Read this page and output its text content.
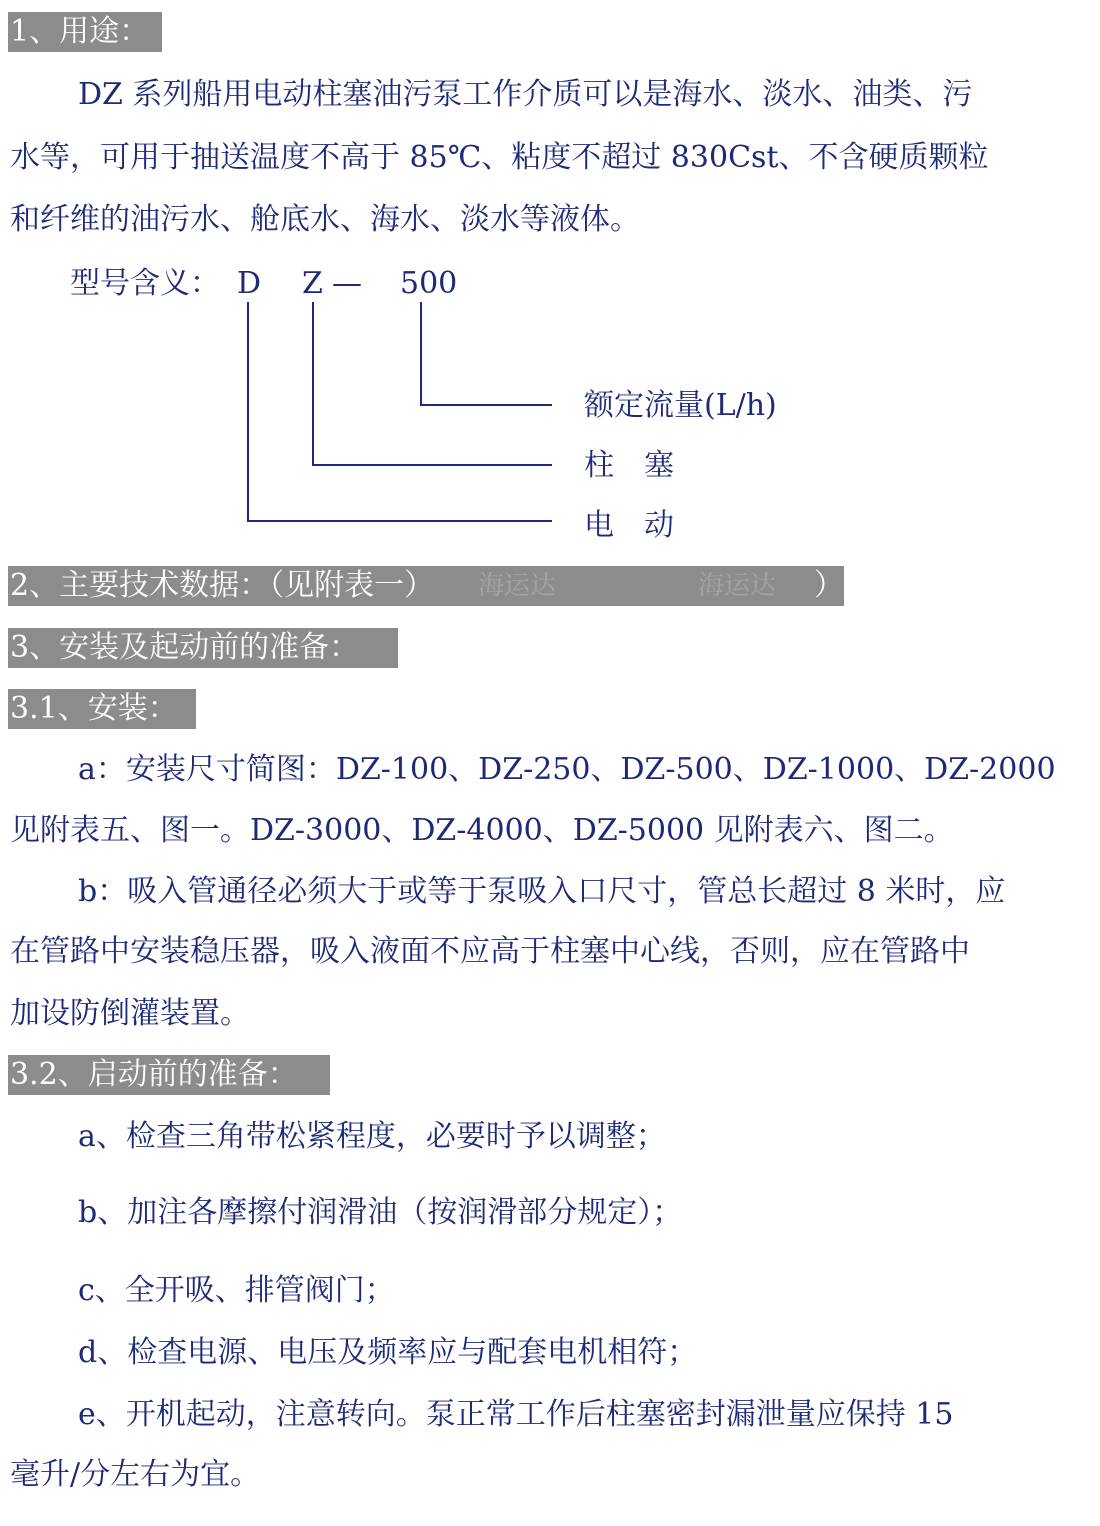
1、用途：
DZ 系列船用电动柱塞油污泵工作介质可以是海水、淡水、油类、污
水等，可用于抽送温度不高于 85℃、粘度不超过 830Cst、不含硬质颗粒
和纤维的油污水、舱底水、海水、淡水等液体。
型号含义： D Z — 500
额定流量(L/h)
柱　塞
电　动
2、主要技术数据：（见附表一） 海运达	海运达 ）
3、安装及起动前的准备：
3.1、安装：
a：安装尺寸简图：DZ-100、DZ-250、DZ-500、DZ-1000、DZ-2000
见附表五、图一。DZ-3000、DZ-4000、DZ-5000 见附表六、图二。
b：吸入管通径必须大于或等于泵吸入口尺寸，管总长超过 8 米时，应
在管路中安装稳压器，吸入液面不应高于柱塞中心线，否则，应在管路中
加设防倒灌装置。
3.2、启动前的准备：
a、检查三角带松紧程度，必要时予以调整；
b、加注各摩擦付润滑油（按润滑部分规定）；
c、全开吸、排管阀门；
d、检查电源、电压及频率应与配套电机相符；
e、开机起动，注意转向。泵正常工作后柱塞密封漏泄量应保持 15
毫升/分左右为宜。
